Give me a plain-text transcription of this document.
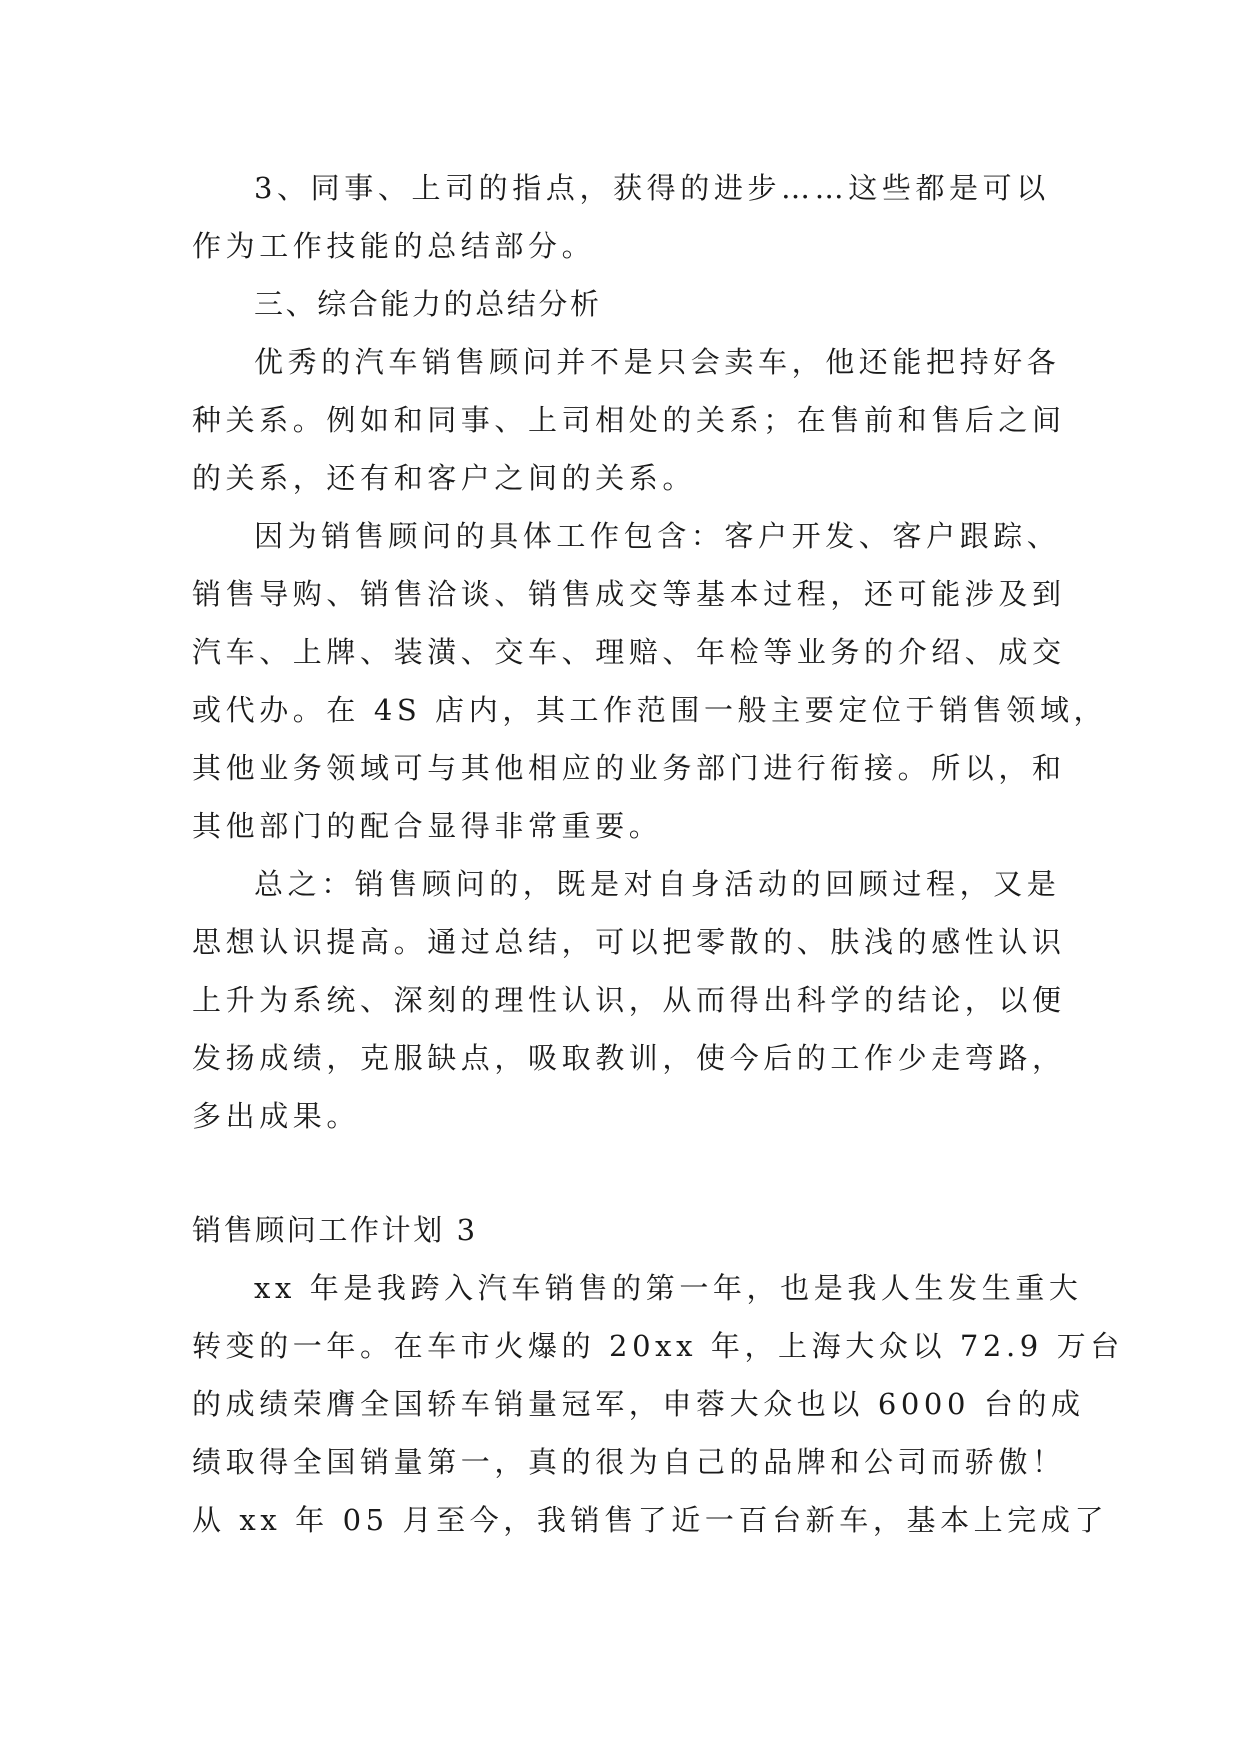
3、同事、上司的指点，获得的进步……这些都是可以
作为工作技能的总结部分。
三、综合能力的总结分析
优秀的汽车销售顾问并不是只会卖车，他还能把持好各
种关系。例如和同事、上司相处的关系；在售前和售后之间
的关系，还有和客户之间的关系。
因为销售顾问的具体工作包含：客户开发、客户跟踪、
销售导购、销售洽谈、销售成交等基本过程，还可能涉及到
汽车、上牌、装潢、交车、理赔、年检等业务的介绍、成交
或代办。在 4S 店内，其工作范围一般主要定位于销售领域，
其他业务领域可与其他相应的业务部门进行衔接。所以，和
其他部门的配合显得非常重要。
总之：销售顾问的，既是对自身活动的回顾过程，又是
思想认识提高。通过总结，可以把零散的、肤浅的感性认识
上升为系统、深刻的理性认识，从而得出科学的结论，以便
发扬成绩，克服缺点，吸取教训，使今后的工作少走弯路，
多出成果。
销售顾问工作计划 3
xx 年是我跨入汽车销售的第一年，也是我人生发生重大
转变的一年。在车市火爆的 20xx 年，上海大众以 72.9 万台
的成绩荣膺全国轿车销量冠军，申蓉大众也以 6000 台的成
绩取得全国销量第一，真的很为自己的品牌和公司而骄傲！
从 xx 年 05 月至今，我销售了近一百台新车，基本上完成了
